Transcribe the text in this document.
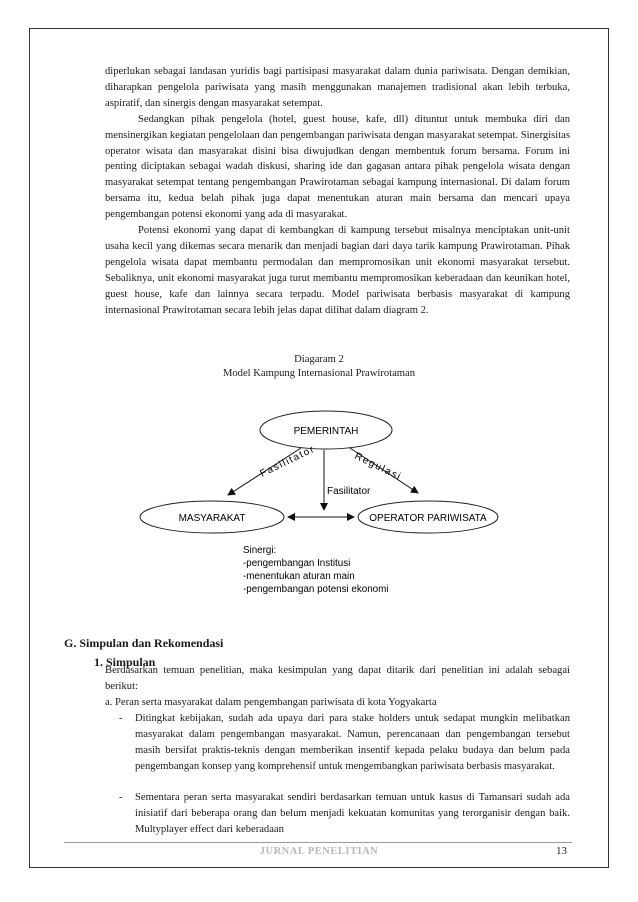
diperlukan sebagai landasan yuridis bagi partisipasi masyarakat dalam dunia pariwisata. Dengan demikian, diharapkan pengelola pariwisata yang masih menggunakan manajemen tradisional akan lebih terbuka, aspiratif, dan sinergis dengan masyarakat setempat.

Sedangkan pihak pengelola (hotel, guest house, kafe, dll) dituntut untuk membuka diri dan mensinergikan kegiatan pengelolaan dan pengembangan pariwisata dengan masyarakat setempat. Sinergisitas operator wisata dan masyarakat disini bisa diwujudkan dengan membentuk forum bersama. Forum ini penting diciptakan sebagai wadah diskusi, sharing ide dan gagasan antara pihak pengelola wisata dengan masyarakat setempat tentang pengembangan Prawirotaman sebagai kampung internasional. Di dalam forum bersama itu, kedua belah pihak juga dapat menentukan aturan main bersama dan mencari upaya pengembangan potensi ekonomi yang ada di masyarakat.

Potensi ekonomi yang dapat di kembangkan di kampung tersebut misalnya menciptakan unit-unit usaha kecil yang dikemas secara menarik dan menjadi bagian dari daya tarik kampung Prawirotaman. Pihak pengelola wisata dapat membantu permodalan dan mempromosikan unit ekonomi masyarakat tersebut. Sebaliknya, unit ekonomi masyarakat juga turut membantu mempromosikan keberadaan dan keunikan hotel, guest house, kafe dan lainnya secara terpadu. Model pariwisata berbasis masyarakat di kampung internasional Prawirotaman secara lebih jelas dapat dilihat dalam diagram 2.

Diagaram 2
Model Kampung Internasional Prawirotaman
PEMERINTAH
MASYARAKAT	OPERATOR PARIWISATA
Fasilitator
Fasilitator
Regulasi
Sinergi:
-pengembangan Institusi
-menentukan aturan main
-pengembangan potensi ekonomi
G. Simpulan dan Rekomendasi
1. Simpulan
Berdasarkan temuan penelitian, maka kesimpulan yang dapat ditarik dari penelitian ini adalah sebagai berikut:
a. Peran serta masyarakat dalam pengembangan pariwisata di kota Yogyakarta
- Ditingkat kebijakan, sudah ada upaya dari para stake holders untuk sedapat mungkin melibatkan masyarakat dalam pengembangan masyarakat. Namun, perencanaan dan pengembangan tersebut masih bersifat praktis-teknis dengan memberikan insentif kepada pelaku budaya dan belum pada pengembangan konsep yang komprehensif untuk mengembangkan pariwisata berbasis masyarakat.
- Sementara peran serta masyarakat sendiri berdasarkan temuan untuk kasus di Tamansari sudah ada inisiatif dari beberapa orang dan belum menjadi kekuatan komunitas yang terorganisir dengan baik. Multyplayer effect dari keberadaan
JURNAL PENELITIAN	13
